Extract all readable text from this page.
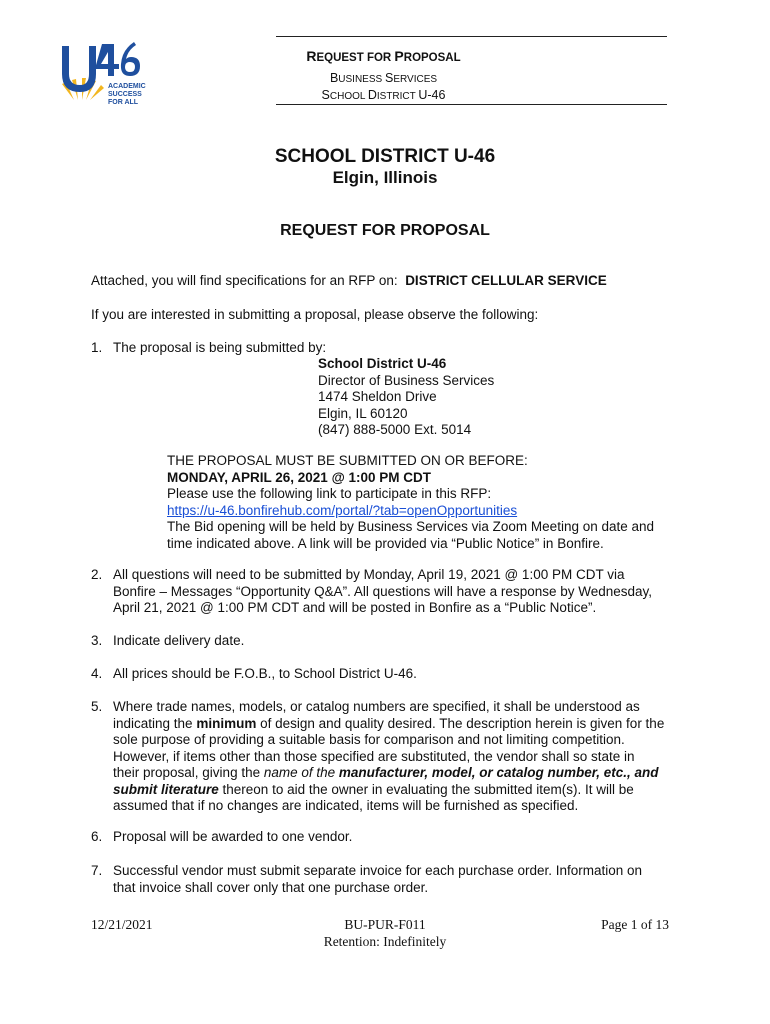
ACADEMIC
SUCCESS
FOR ALL
REQUEST FOR PROPOSAL
BUSINESS SERVICES
SCHOOL DISTRICT U-46
SCHOOL DISTRICT U-46
Elgin, Illinois
REQUEST FOR PROPOSAL
Attached, you will find specifications for an RFP on: DISTRICT CELLULAR SERVICE
If you are interested in submitting a proposal, please observe the following:
1. The proposal is being submitted by:
School District U-46
Director of Business Services
1474 Sheldon Drive
Elgin, IL 60120
(847) 888-5000 Ext. 5014
THE PROPOSAL MUST BE SUBMITTED ON OR BEFORE:
MONDAY, APRIL 26, 2021 @ 1:00 PM CDT
Please use the following link to participate in this RFP:
https://u-46.bonfirehub.com/portal/?tab=openOpportunities
The Bid opening will be held by Business Services via Zoom Meeting on date and
time indicated above. A link will be provided via “Public Notice” in Bonfire.
2. All questions will need to be submitted by Monday, April 19, 2021 @ 1:00 PM CDT via
Bonfire – Messages “Opportunity Q&A”. All questions will have a response by Wednesday,
April 21, 2021 @ 1:00 PM CDT and will be posted in Bonfire as a “Public Notice”.
3. Indicate delivery date.
4. All prices should be F.O.B., to School District U-46.
5. Where trade names, models, or catalog numbers are specified, it shall be understood as
indicating the minimum of design and quality desired. The description herein is given for the
sole purpose of providing a suitable basis for comparison and not limiting competition.
However, if items other than those specified are substituted, the vendor shall so state in
their proposal, giving the name of the manufacturer, model, or catalog number, etc., and
submit literature thereon to aid the owner in evaluating the submitted item(s). It will be
assumed that if no changes are indicated, items will be furnished as specified.
6. Proposal will be awarded to one vendor.
7. Successful vendor must submit separate invoice for each purchase order. Information on
that invoice shall cover only that one purchase order.
12/21/2021	BU-PUR-F011
Retention: Indefinitely
Page 1 of 13
